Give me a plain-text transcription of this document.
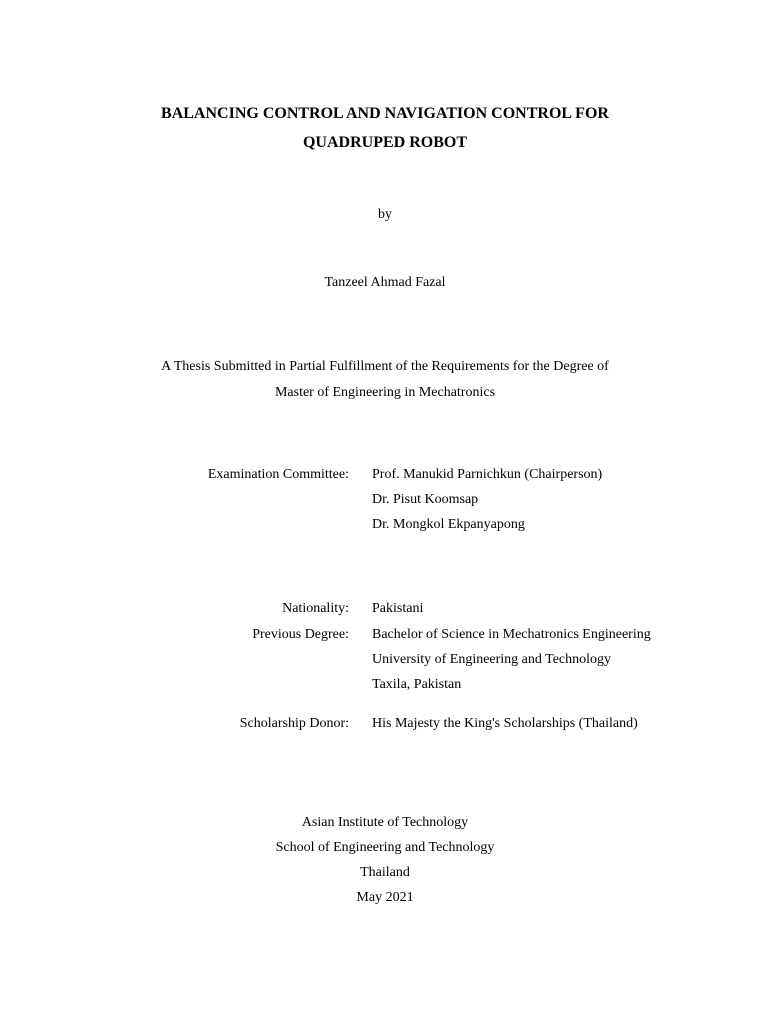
BALANCING CONTROL AND NAVIGATION CONTROL FOR
QUADRUPED ROBOT
by
Tanzeel Ahmad Fazal
A Thesis Submitted in Partial Fulfillment of the Requirements for the Degree of
Master of Engineering in Mechatronics
Examination Committee: Prof. Manukid Parnichkun (Chairperson)
Dr. Pisut Koomsap
Dr. Mongkol Ekpanyapong
Nationality: Pakistani
Previous Degree: Bachelor of Science in Mechatronics Engineering
University of Engineering and Technology
Taxila, Pakistan
Scholarship Donor: His Majesty the King's Scholarships (Thailand)
Asian Institute of Technology
School of Engineering and Technology
Thailand
May 2021
